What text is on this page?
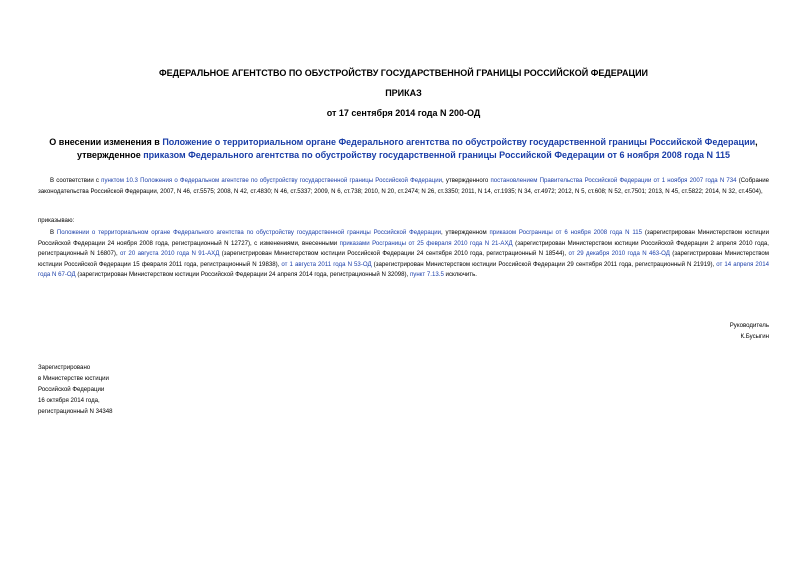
ФЕДЕРАЛЬНОЕ АГЕНТСТВО ПО ОБУСТРОЙСТВУ ГОСУДАРСТВЕННОЙ ГРАНИЦЫ РОССИЙСКОЙ ФЕДЕРАЦИИ
ПРИКАЗ
от 17 сентября 2014 года N 200-ОД
О внесении изменения в Положение о территориальном органе Федерального агентства по обустройству государственной границы Российской Федерации, утвержденное приказом Федерального агентства по обустройству государственной границы Российской Федерации от 6 ноября 2008 года N 115
В соответствии с пунктом 10.3 Положения о Федеральном агентстве по обустройству государственной границы Российской Федерации, утвержденного постановлением Правительства Российской Федерации от 1 ноября 2007 года N 734 (Собрание законодательства Российской Федерации, 2007, N 46, ст.5575; 2008, N 42, ст.4830; N 46, ст.5337; 2009, N 6, ст.738; 2010, N 20, ст.2474; N 26, ст.3350; 2011, N 14, ст.1935; N 34, ст.4972; 2012, N 5, ст.608; N 52, ст.7501; 2013, N 45, ст.5822; 2014, N 32, ст.4504),
приказываю:
В Положении о территориальном органе Федерального агентства по обустройству государственной границы Российской Федерации, утвержденном приказом Росграницы от 6 ноября 2008 года N 115 (зарегистрирован Министерством юстиции Российской Федерации 24 ноября 2008 года, регистрационный N 12727), с изменениями, внесенными приказами Росграницы от 25 февраля 2010 года N 21-АХД (зарегистрирован Министерством юстиции Российской Федерации 2 апреля 2010 года, регистрационный N 16807), от 20 августа 2010 года N 91-АХД (зарегистрирован Министерством юстиции Российской Федерации 24 сентября 2010 года, регистрационный N 18544), от 29 декабря 2010 года N 463-ОД (зарегистрирован Министерством юстиции Российской Федерации 15 февраля 2011 года, регистрационный N 19838), от 1 августа 2011 года N 53-ОД (зарегистрирован Министерством юстиции Российской Федерации 29 сентября 2011 года, регистрационный N 21919), от 14 апреля 2014 года N 67-ОД (зарегистрирован Министерством юстиции Российской Федерации 24 апреля 2014 года, регистрационный N 32098), пункт 7.13.5 исключить.
Руководитель
К.Бусыгин
Зарегистрировано
в Министерстве юстиции
Российской Федерации
16 октября 2014 года,
регистрационный N 34348
